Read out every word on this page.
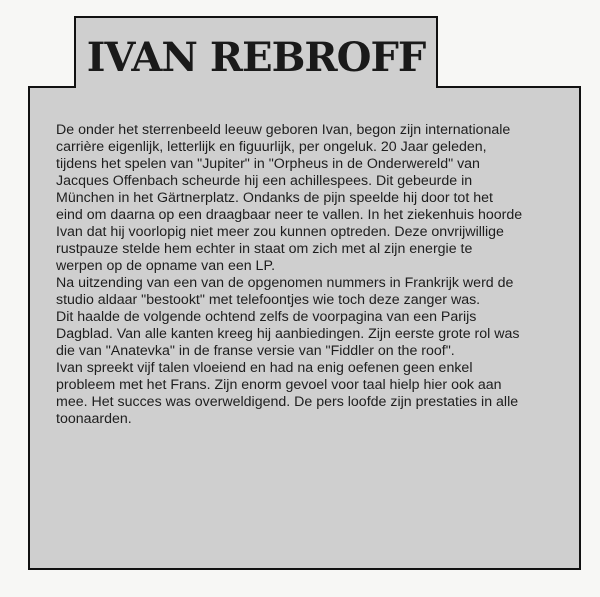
IVAN REBROFF

De onder het sterrenbeeld leeuw geboren Ivan, begon zijn internationale
carrière eigenlijk, letterlijk en figuurlijk, per ongeluk. 20 Jaar geleden,
tijdens het spelen van "Jupiter" in "Orpheus in de Onderwereld" van
Jacques Offenbach scheurde hij een achillespees. Dit gebeurde in
München in het Gärtnerplatz. Ondanks de pijn speelde hij door tot het
eind om daarna op een draagbaar neer te vallen. In het ziekenhuis hoorde
Ivan dat hij voorlopig niet meer zou kunnen optreden. Deze onvrijwillige
rustpauze stelde hem echter in staat om zich met al zijn energie te
werpen op de opname van een LP.
Na uitzending van een van de opgenomen nummers in Frankrijk werd de
studio aldaar "bestookt" met telefoontjes wie toch deze zanger was.
Dit haalde de volgende ochtend zelfs de voorpagina van een Parijs
Dagblad. Van alle kanten kreeg hij aanbiedingen. Zijn eerste grote rol was
die van "Anatevka" in de franse versie van "Fiddler on the roof".
Ivan spreekt vijf talen vloeiend en had na enig oefenen geen enkel
probleem met het Frans. Zijn enorm gevoel voor taal hielp hier ook aan
mee. Het succes was overweldigend. De pers loofde zijn prestaties in alle
toonaarden.
